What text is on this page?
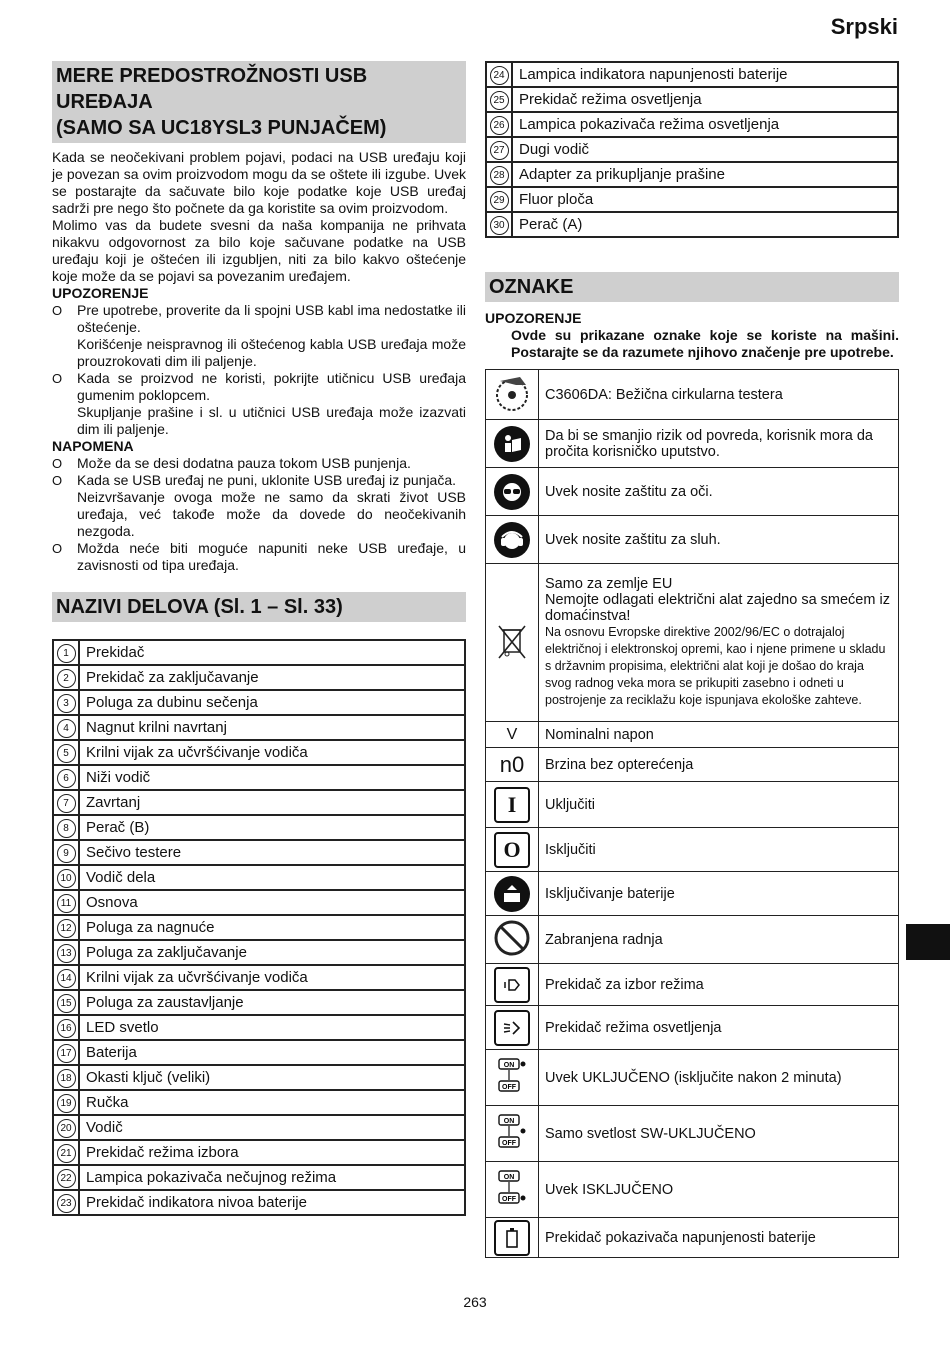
Srpski
MERE PREDOSTROŽNOSTI USB
UREĐAJA
(SAMO SA UC18YSL3 PUNJAČEM)

Kada se neočekivani problem pojavi, podaci na USB uređaju koji je povezan sa ovim proizvodom mogu da se oštete ili izgube. Uvek se postarajte da sačuvate bilo koje podatke koje USB uređaj sadrži pre nego što počnete da ga koristite sa ovim proizvodom.

Molimo vas da budete svesni da naša kompanija ne prihvata nikakvu odgovornost za bilo koje sačuvane podatke na USB uređaju koji je oštećen ili izgubljen, niti za bilo kakvo oštećenje koje može da se pojavi sa povezanim uređajem.

UPOZORENJE
O	Pre upotrebe, proverite da li spojni USB kabl ima nedostatke ili oštećenje.
Korišćenje neispravnog ili oštećenog kabla USB uređaja može prouzrokovati dim ili paljenje.
O	Kada se proizvod ne koristi, pokrijte utičnicu USB uređaja gumenim poklopcem.
Skupljanje prašine i sl. u utičnici USB uređaja može izazvati dim ili paljenje.
NAPOMENA
O	Može da se desi dodatna pauza tokom USB punjenja.
O	Kada se USB uređaj ne puni, uklonite USB uređaj iz punjača.
Neizvršavanje ovoga može ne samo da skrati život USB uređaja, već takođe može da dovede do neočekivanih nezgoda.
O	Možda neće biti moguće napuniti neke USB uređaje, u zavisnosti od tipa uređaja.
NAZIVI DELOVA (Sl. 1 – Sl. 33)
1	Prekidač
2	Prekidač za zaključavanje
3	Poluga za dubinu sečenja
4	Nagnut krilni navrtanj
5	Krilni vijak za učvršćivanje vodiča
6	Niži vodič
7	Zavrtanj
8	Perač (B)
9	Sečivo testere
10	Vodič dela
11	Osnova
12	Poluga za nagnuće
13	Poluga za zaključavanje
14	Krilni vijak za učvršćivanje vodiča
15	Poluga za zaustavljanje
16	LED svetlo
17	Baterija
18	Okasti ključ (veliki)
19	Ručka
20	Vodič
21	Prekidač režima izbora
22	Lampica pokazivača nečujnog režima
23	Prekidač indikatora nivoa baterije
24	Lampica indikatora napunjenosti baterije
25	Prekidač režima osvetljenja
26	Lampica pokazivača režima osvetljenja
27	Dugi vodič
28	Adapter za prikupljanje prašine
29	Fluor ploča
30	Perač (A)
OZNAKE
UPOZORENJE
Ovde su prikazane oznake koje se koriste na mašini. Postarajte se da razumete njihovo značenje pre upotrebe.
	C3606DA: Bežična cirkularna testera

	Da bi se smanjio rizik od povreda, korisnik mora da pročita korisničko uputstvo.

	Uvek nosite zaštitu za oči.

	Uvek nosite zaštitu za sluh.

Samo za zemlje EU
Nemojte odlagati električni alat zajedno sa smećem iz domaćinstva!
Na osnovu Evropske direktive 2002/96/EC o dotrajaloj električnoj i elektronskoj opremi, kao i njene primene u skladu s državnim propisima, električni alat koji je došao do kraja svog radnog veka mora se prikupiti zasebno i odneti u postrojenje za reciklažu koje ispunjava ekološke zahteve.

V	Nominalni napon
n0	Brzina bez opterećenja
I	Uključiti
O	Isključiti

	Isključivanje baterije
	Zabranjena radnja

	Prekidač za izbor režima

	Prekidač režima osvetljenja

ON
OFF	Uvek UKLJUČENO (isključite nakon 2 minuta)

ON
OFF	Samo svetlost SW-UKLJUČENO

ON
OFF	Uvek ISKLJUČENO

	Prekidač pokazivača napunjenosti baterije
263
